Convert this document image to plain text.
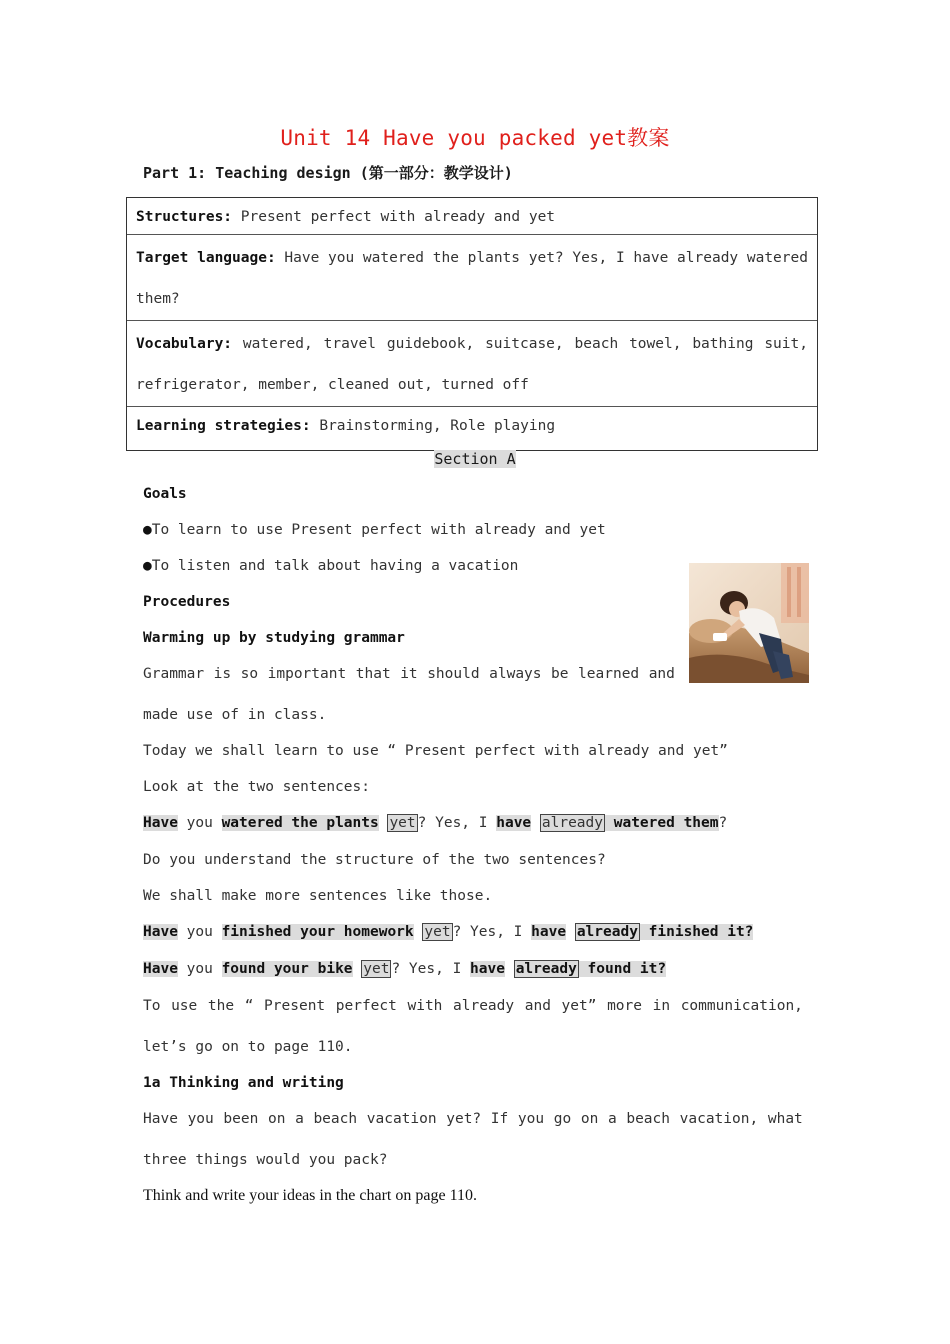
Unit 14 Have you packed yet教案
Part 1: Teaching design (第一部分：教学设计)
Structures: Present perfect with already and yet
Target language: Have you watered the plants yet? Yes, I have already watered
them?
Vocabulary: watered, travel guidebook, suitcase, beach towel, bathing suit,
refrigerator, member, cleaned out, turned off
Learning strategies: Brainstorming, Role playing
Section A
Goals
●To learn to use Present perfect with already and yet
●To listen and talk about having a vacation
Procedures
Warming up by studying grammar
Grammar is so important that it should always be learned and
made use of in class.
Today we shall learn to use “ Present perfect with already and yet”
Look at the two sentences:
Have you watered the plants yet ? Yes, I have already watered them?
Do you understand the structure of the two sentences?
We shall make more sentences like those.
Have you finished your homework yet ? Yes, I have already finished it?
Have you found your bike yet ? Yes, I have already found it?
To use the “ Present perfect with already and yet” more in communication,
let’s go on to page 110.
1a Thinking and writing
Have you been on a beach vacation yet? If you go on a beach vacation, what
three things would you pack?
Think and write your ideas in the chart on page 110.
